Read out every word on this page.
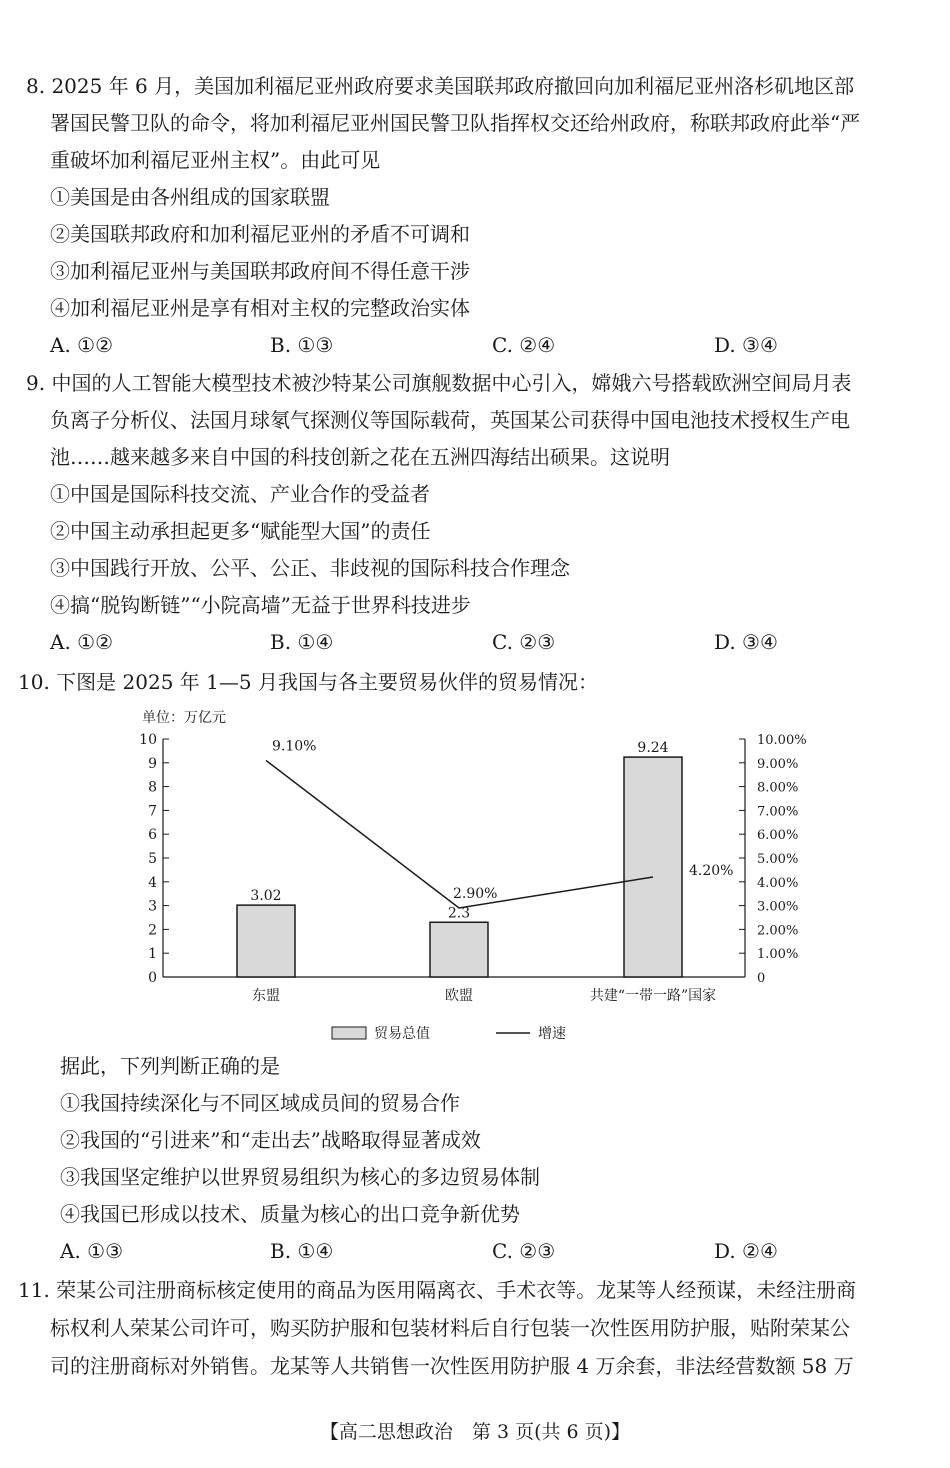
8. 2025 年 6 月，美国加利福尼亚州政府要求美国联邦政府撤回向加利福尼亚州洛杉矶地区部
署国民警卫队的命令，将加利福尼亚州国民警卫队指挥权交还给州政府，称联邦政府此举“严
重破坏加利福尼亚州主权”。由此可见
①美国是由各州组成的国家联盟
②美国联邦政府和加利福尼亚州的矛盾不可调和
③加利福尼亚州与美国联邦政府间不得任意干涉
④加利福尼亚州是享有相对主权的完整政治实体
A. ①②	B. ①③	C. ②④	D. ③④
9. 中国的人工智能大模型技术被沙特某公司旗舰数据中心引入，嫦娥六号搭载欧洲空间局月表
负离子分析仪、法国月球氡气探测仪等国际载荷，英国某公司获得中国电池技术授权生产电
池……越来越多来自中国的科技创新之花在五洲四海结出硕果。这说明
①中国是国际科技交流、产业合作的受益者
②中国主动承担起更多“赋能型大国”的责任
③中国践行开放、公平、公正、非歧视的国际科技合作理念
④搞“脱钩断链”“小院高墙”无益于世界科技进步
A. ①②	B. ①④	C. ②③	D. ③④
10. 下图是 2025 年 1—5 月我国与各主要贸易伙伴的贸易情况：
单位：万亿元
0
1
2
3
4
5
6
7
8
9
10
0
1.00%
2.00%
3.00%
4.00%
5.00%
6.00%
7.00%
8.00%
9.00%
10.00%
3.02
2.3
9.24
9.10%
2.90%
4.20%
东盟	欧盟	共建“一带一路”国家
贸易总值	增速
据此，下列判断正确的是
①我国持续深化与不同区域成员间的贸易合作
②我国的“引进来”和“走出去”战略取得显著成效
③我国坚定维护以世界贸易组织为核心的多边贸易体制
④我国已形成以技术、质量为核心的出口竞争新优势
A. ①③	B. ①④	C. ②③	D. ②④
11. 荣某公司注册商标核定使用的商品为医用隔离衣、手术衣等。龙某等人经预谋，未经注册商
标权利人荣某公司许可，购买防护服和包装材料后自行包装一次性医用防护服，贴附荣某公
司的注册商标对外销售。龙某等人共销售一次性医用防护服 4 万余套，非法经营数额 58 万
【高二思想政治　第 3 页(共 6 页)】
